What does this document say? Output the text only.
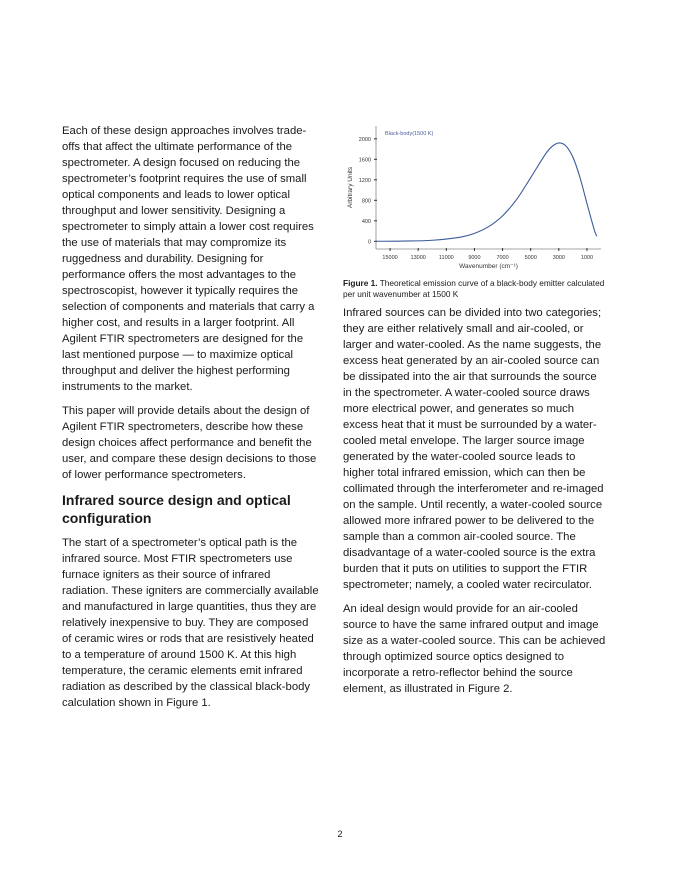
Each of these design approaches involves trade-offs that affect the ultimate performance of the spectrometer. A design focused on reducing the spectrometer’s footprint requires the use of small optical components and leads to lower optical throughput and lower sensitivity. Designing a spectrometer to simply attain a lower cost requires the use of materials that may compromize its ruggedness and durability. Designing for performance offers the most advantages to the spectroscopist, however it typically requires the selection of components and materials that carry a higher cost, and results in a larger footprint. All Agilent FTIR spectrometers are designed for the last mentioned purpose — to maximize optical throughput and deliver the highest performing instruments to the market.

This paper will provide details about the design of Agilent FTIR spectrometers, describe how these design choices affect performance and benefit the user, and compare these design decisions to those of lower performance spectrometers.

Infrared source design and optical configuration

The start of a spectrometer’s optical path is the infrared source. Most FTIR spectrometers use furnace igniters as their source of infrared radiation. These igniters are commercially available and manufactured in large quantities, thus they are relatively inexpensive to buy. They are composed of ceramic wires or rods that are resistively heated to a temperature of around 1500 K. At this high temperature, the ceramic elements emit infrared radiation as described by the classical black-body calculation shown in Figure 1.

0
400
800
1200
1600
2000
15000 13000 11000	9000	7000	5000	3000	1000
Wavenumber (cm⁻¹)
Arbitrary Units
Black-body(1500 K)
Figure 1. Theoretical emission curve of a black-body emitter calculated per unit wavenumber at 1500 K

Infrared sources can be divided into two categories; they are either relatively small and air-cooled, or larger and water-cooled. As the name suggests, the excess heat generated by an air-cooled source can be dissipated into the air that surrounds the source in the spectrometer. A water-cooled source draws more electrical power, and generates so much excess heat that it must be surrounded by a water-cooled metal envelope. The larger source image generated by the water-cooled source leads to higher total infrared emission, which can then be collimated through the interferometer and re-imaged on the sample. Until recently, a water-cooled source allowed more infrared power to be delivered to the sample than a common air-cooled source. The disadvantage of a water-cooled source is the extra burden that it puts on utilities to support the FTIR spectrometer; namely, a cooled water recirculator.

An ideal design would provide for an air-cooled source to have the same infrared output and image size as a water-cooled source. This can be achieved through optimized source optics designed to incorporate a retro-reflector behind the source element, as illustrated in Figure 2.

2
